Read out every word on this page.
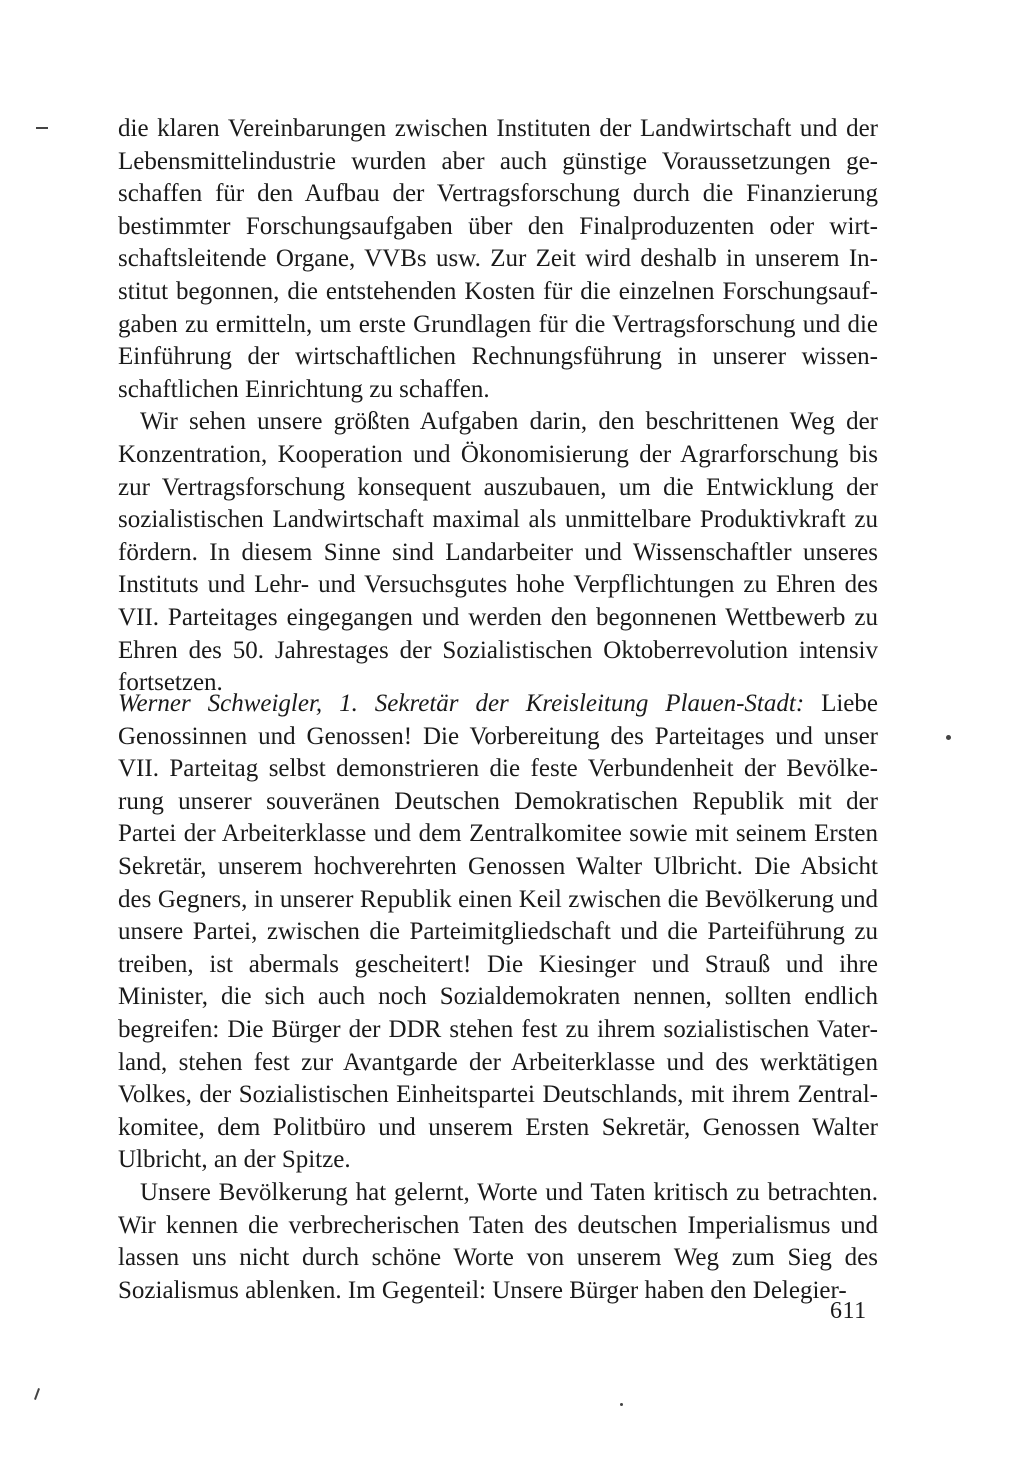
die klaren Vereinbarungen zwischen Instituten der Landwirtschaft und der Lebensmittelindustrie wurden aber auch günstige Voraussetzungen geschaffen für den Aufbau der Vertragsforschung durch die Finanzierung bestimmter Forschungsaufgaben über den Finalproduzenten oder wirtschaftsleitende Organe, VVBs usw. Zur Zeit wird deshalb in unserem Institut begonnen, die entstehenden Kosten für die einzelnen Forschungsaufgaben zu ermitteln, um erste Grundlagen für die Vertragsforschung und die Einführung der wirtschaftlichen Rechnungsführung in unserer wissenschaftlichen Einrichtung zu schaffen.

Wir sehen unsere größten Aufgaben darin, den beschrittenen Weg der Konzentration, Kooperation und Ökonomisierung der Agrarforschung bis zur Vertragsforschung konsequent auszubauen, um die Entwicklung der sozialistischen Landwirtschaft maximal als unmittelbare Produktivkraft zu fördern. In diesem Sinne sind Landarbeiter und Wissenschaftler unseres Instituts und Lehr- und Versuchsgutes hohe Verpflichtungen zu Ehren des VII. Parteitages eingegangen und werden den begonnenen Wettbewerb zu Ehren des 50. Jahrestages der Sozialistischen Oktoberrevolution intensiv fortsetzen.

Werner Schweigler, 1. Sekretär der Kreisleitung Plauen-Stadt: Liebe Genossinnen und Genossen! Die Vorbereitung des Parteitages und unser VII. Parteitag selbst demonstrieren die feste Verbundenheit der Bevölkerung unserer souveränen Deutschen Demokratischen Republik mit der Partei der Arbeiterklasse und dem Zentralkomitee sowie mit seinem Ersten Sekretär, unserem hochverehrten Genossen Walter Ulbricht. Die Absicht des Gegners, in unserer Republik einen Keil zwischen die Bevölkerung und unsere Partei, zwischen die Parteimitgliedschaft und die Parteiführung zu treiben, ist abermals gescheitert! Die Kiesinger und Strauß und ihre Minister, die sich auch noch Sozialdemokraten nennen, sollten endlich begreifen: Die Bürger der DDR stehen fest zu ihrem sozialistischen Vaterland, stehen fest zur Avantgarde der Arbeiterklasse und des werktätigen Volkes, der Sozialistischen Einheitspartei Deutschlands, mit ihrem Zentralkomitee, dem Politbüro und unserem Ersten Sekretär, Genossen Walter Ulbricht, an der Spitze.

Unsere Bevölkerung hat gelernt, Worte und Taten kritisch zu betrachten. Wir kennen die verbrecherischen Taten des deutschen Imperialismus und lassen uns nicht durch schöne Worte von unserem Weg zum Sieg des Sozialismus ablenken. Im Gegenteil: Unsere Bürger haben den Delegier-

611
